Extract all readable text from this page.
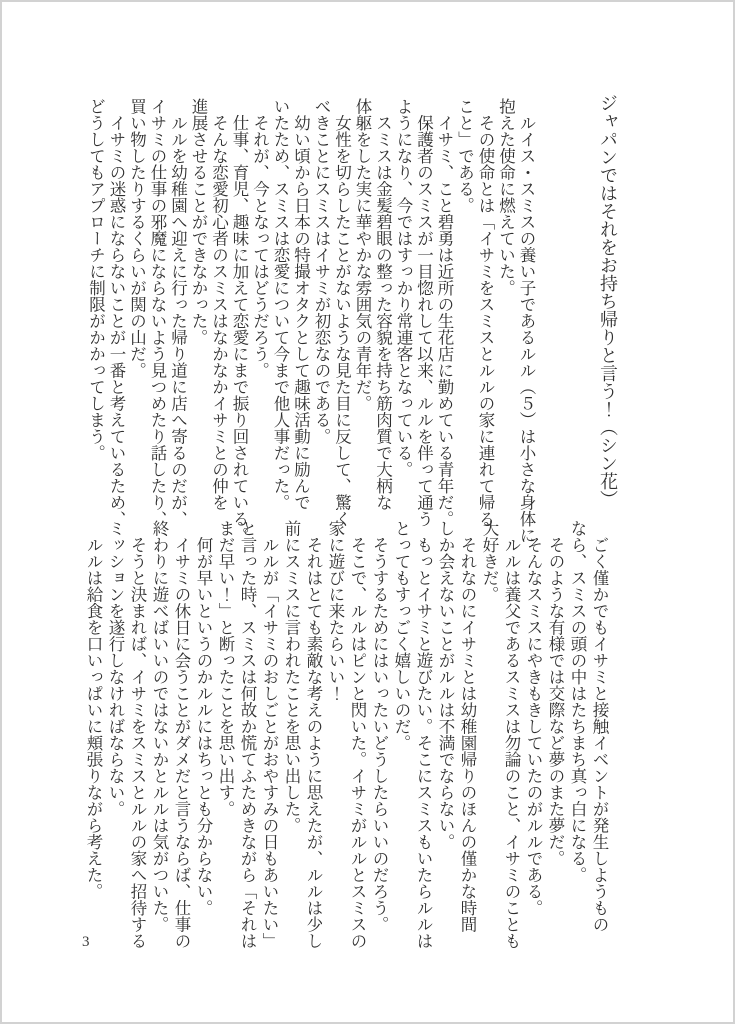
ジャパンではそれをお持ち帰りと言う！（シン花）
　ルイス・スミスの養い子であるルル（５）は小さな身体に
抱えた使命に燃えていた。
　その使命とは「イサミをスミスとルルの家に連れて帰る
こと」である。
　イサミ、こと碧勇は近所の生花店に勤めている青年だ。
　保護者のスミスが一目惚れして以来、ルルを伴って通う
ようになり、今ではすっかり常連客となっている。
　スミスは金髪碧眼の整った容貌を持ち筋肉質で大柄な
体躯をした実に華やかな雰囲気の青年だ。
　女性を切らしたことがないような見た目に反して、驚く
べきことにスミスはイサミが初恋なのである。
　幼い頃から日本の特撮オタクとして趣味活動に励んで
いたため、スミスは恋愛について今まで他人事だった。
　それが、今となってはどうだろう。
　仕事、育児、趣味に加えて恋愛にまで振り回されている。
　そんな恋愛初心者のスミスはなかなかイサミとの仲を
進展させることができなかった。
　ルルを幼稚園へ迎えに行った帰り道に店へ寄るのだが、
イサミの仕事の邪魔にならないよう見つめたり話したり、
買い物したりするくらいが関の山だ。
　イサミの迷惑にならないことが一番と考えているため、
どうしてもアプローチに制限がかかってしまう。
　ごく僅かでもイサミと接触イベントが発生しようもの
なら、スミスの頭の中はたちまち真っ白になる。
　そのような有様では交際など夢のまた夢だ。
　そんなスミスにやきもきしていたのがルルである。
　ルルは養父であるスミスは勿論のこと、イサミのことも
大好きだ。
　それなのにイサミとは幼稚園帰りのほんの僅かな時間
しか会えないことがルルは不満でならない。
　もっとイサミと遊びたい。そこにスミスもいたらルルは
とってもすっごく嬉しいのだ。
　そうするためにはいったいどうしたらいいのだろう。
　そこで、ルルはピンと閃いた。イサミがルルとスミスの
家に遊びに来たらいい！
　それはとても素敵な考えのように思えたが、ルルは少し
前にスミスに言われたことを思い出した。
　ルルが「イサミのおしごとがおやすみの日もあいたい」
と言った時、スミスは何故か慌てふためきながら「それは
まだ早い！」と断ったことを思い出す。
　何が早いというのかルルにはちっとも分からない。
　イサミの休日に会うことがダメだと言うならば、仕事の
終わりに遊べばいいのではないかとルルは気がついた。
　そうと決まれば、イサミをスミスとルルの家へ招待する
ミッションを遂行しなければならない。
　ルルは給食を口いっぱいに頬張りながら考えた。
3
